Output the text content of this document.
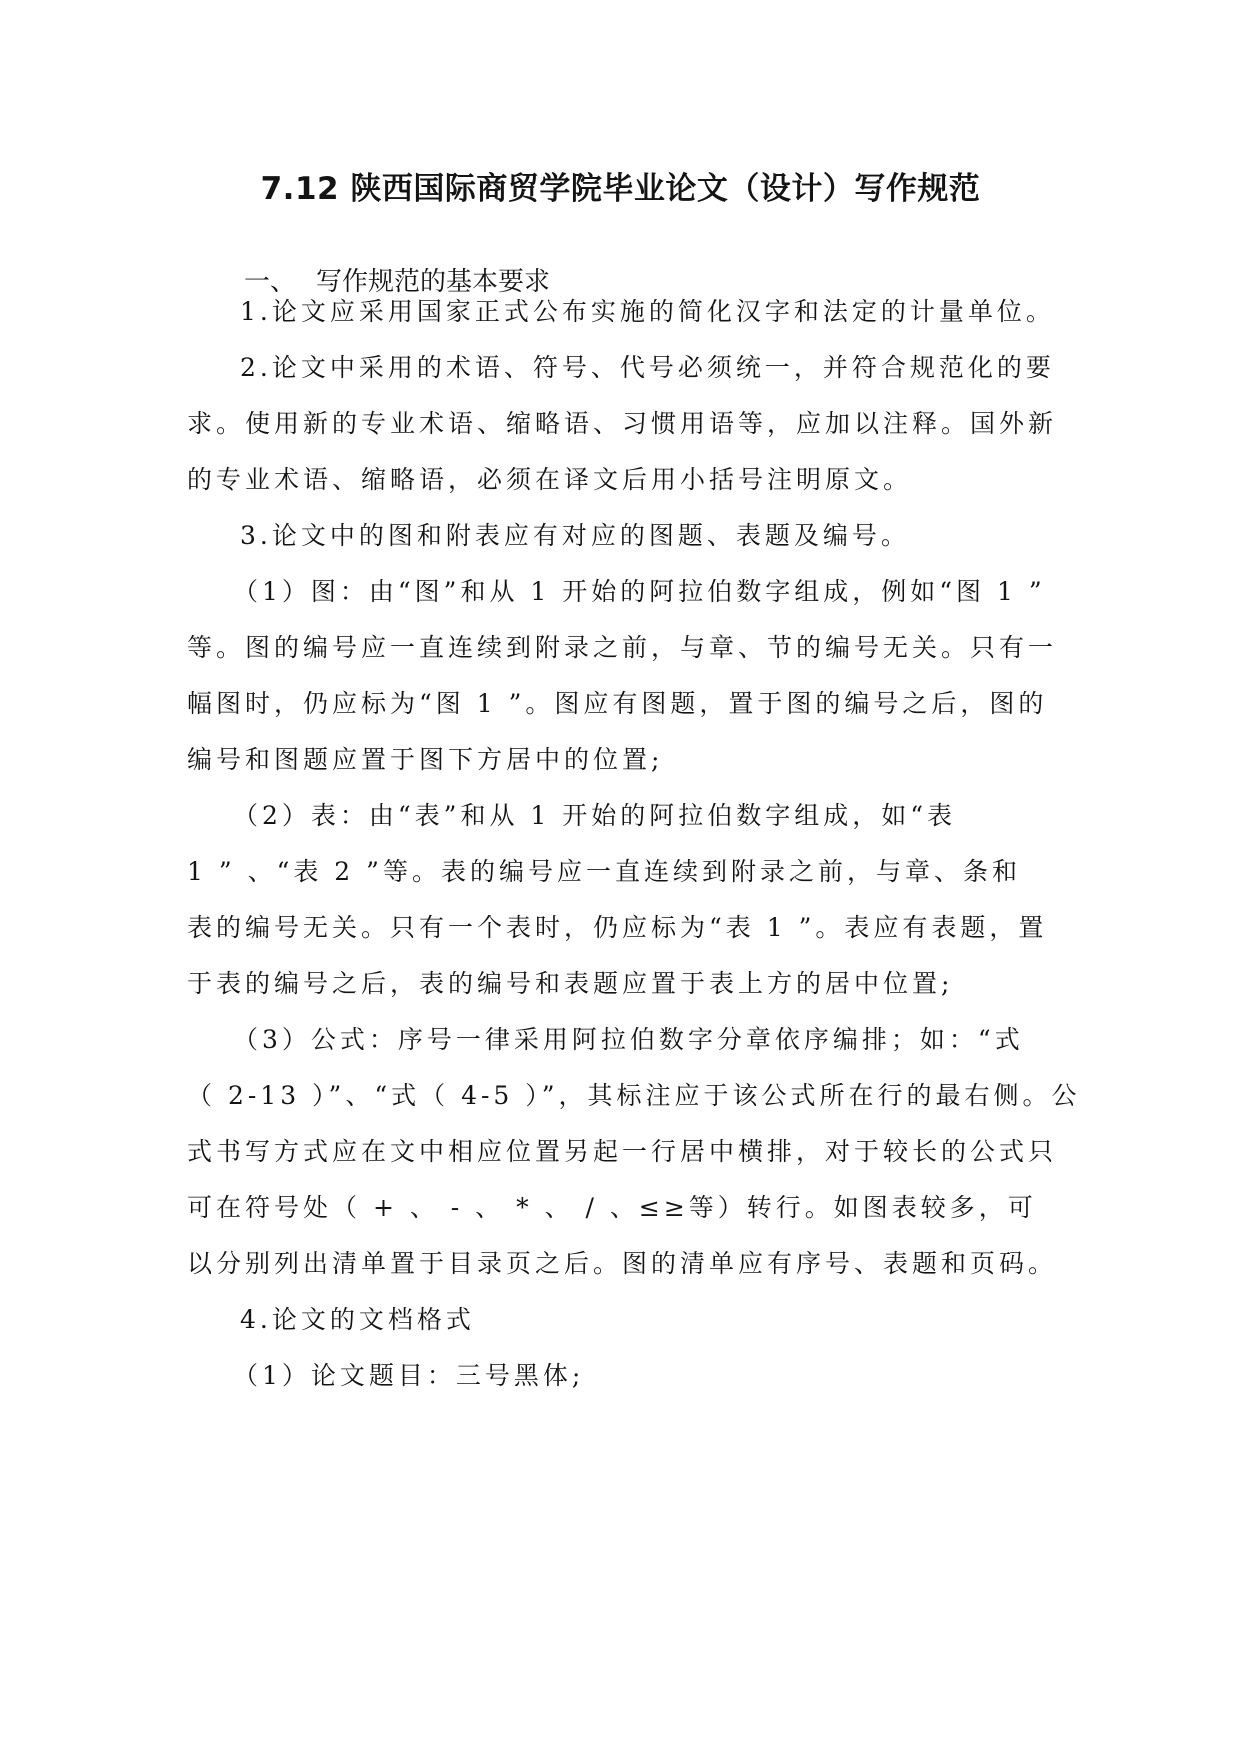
7.12 陕西国际商贸学院毕业论文（设计）写作规范
一、 写作规范的基本要求

1.论文应采用国家正式公布实施的简化汉字和法定的计量单位。

2.论文中采用的术语、符号、代号必须统一，并符合规范化的要

求。使用新的专业术语、缩略语、习惯用语等，应加以注释。国外新

的专业术语、缩略语，必须在译文后用小括号注明原文。

3.论文中的图和附表应有对应的图题、表题及编号。

（1）图：由“图”和从 1 开始的阿拉伯数字组成，例如“图 1 ”

等。图的编号应一直连续到附录之前，与章、节的编号无关。只有一

幅图时，仍应标为“图 1 ”。图应有图题，置于图的编号之后，图的

编号和图题应置于图下方居中的位置;

（2）表：由“表”和从 1 开始的阿拉伯数字组成，如“表

1 ” 、“表 2 ”等。表的编号应一直连续到附录之前，与章、条和

表的编号无关。只有一个表时，仍应标为“表 1 ”。表应有表题，置

于表的编号之后，表的编号和表题应置于表上方的居中位置;

（3）公式：序号一律采用阿拉伯数字分章依序编排；如：“式

（ 2-13 ）”、“式（ 4-5 ）”，其标注应于该公式所在行的最右侧。公

式书写方式应在文中相应位置另起一行居中横排，对于较长的公式只

可在符号处（ + 、 - 、 * 、 / 、≤≥等）转行。如图表较多，可

以分别列出清单置于目录页之后。图的清单应有序号、表题和页码。

4.论文的文档格式

（1）论文题目：三号黑体;
